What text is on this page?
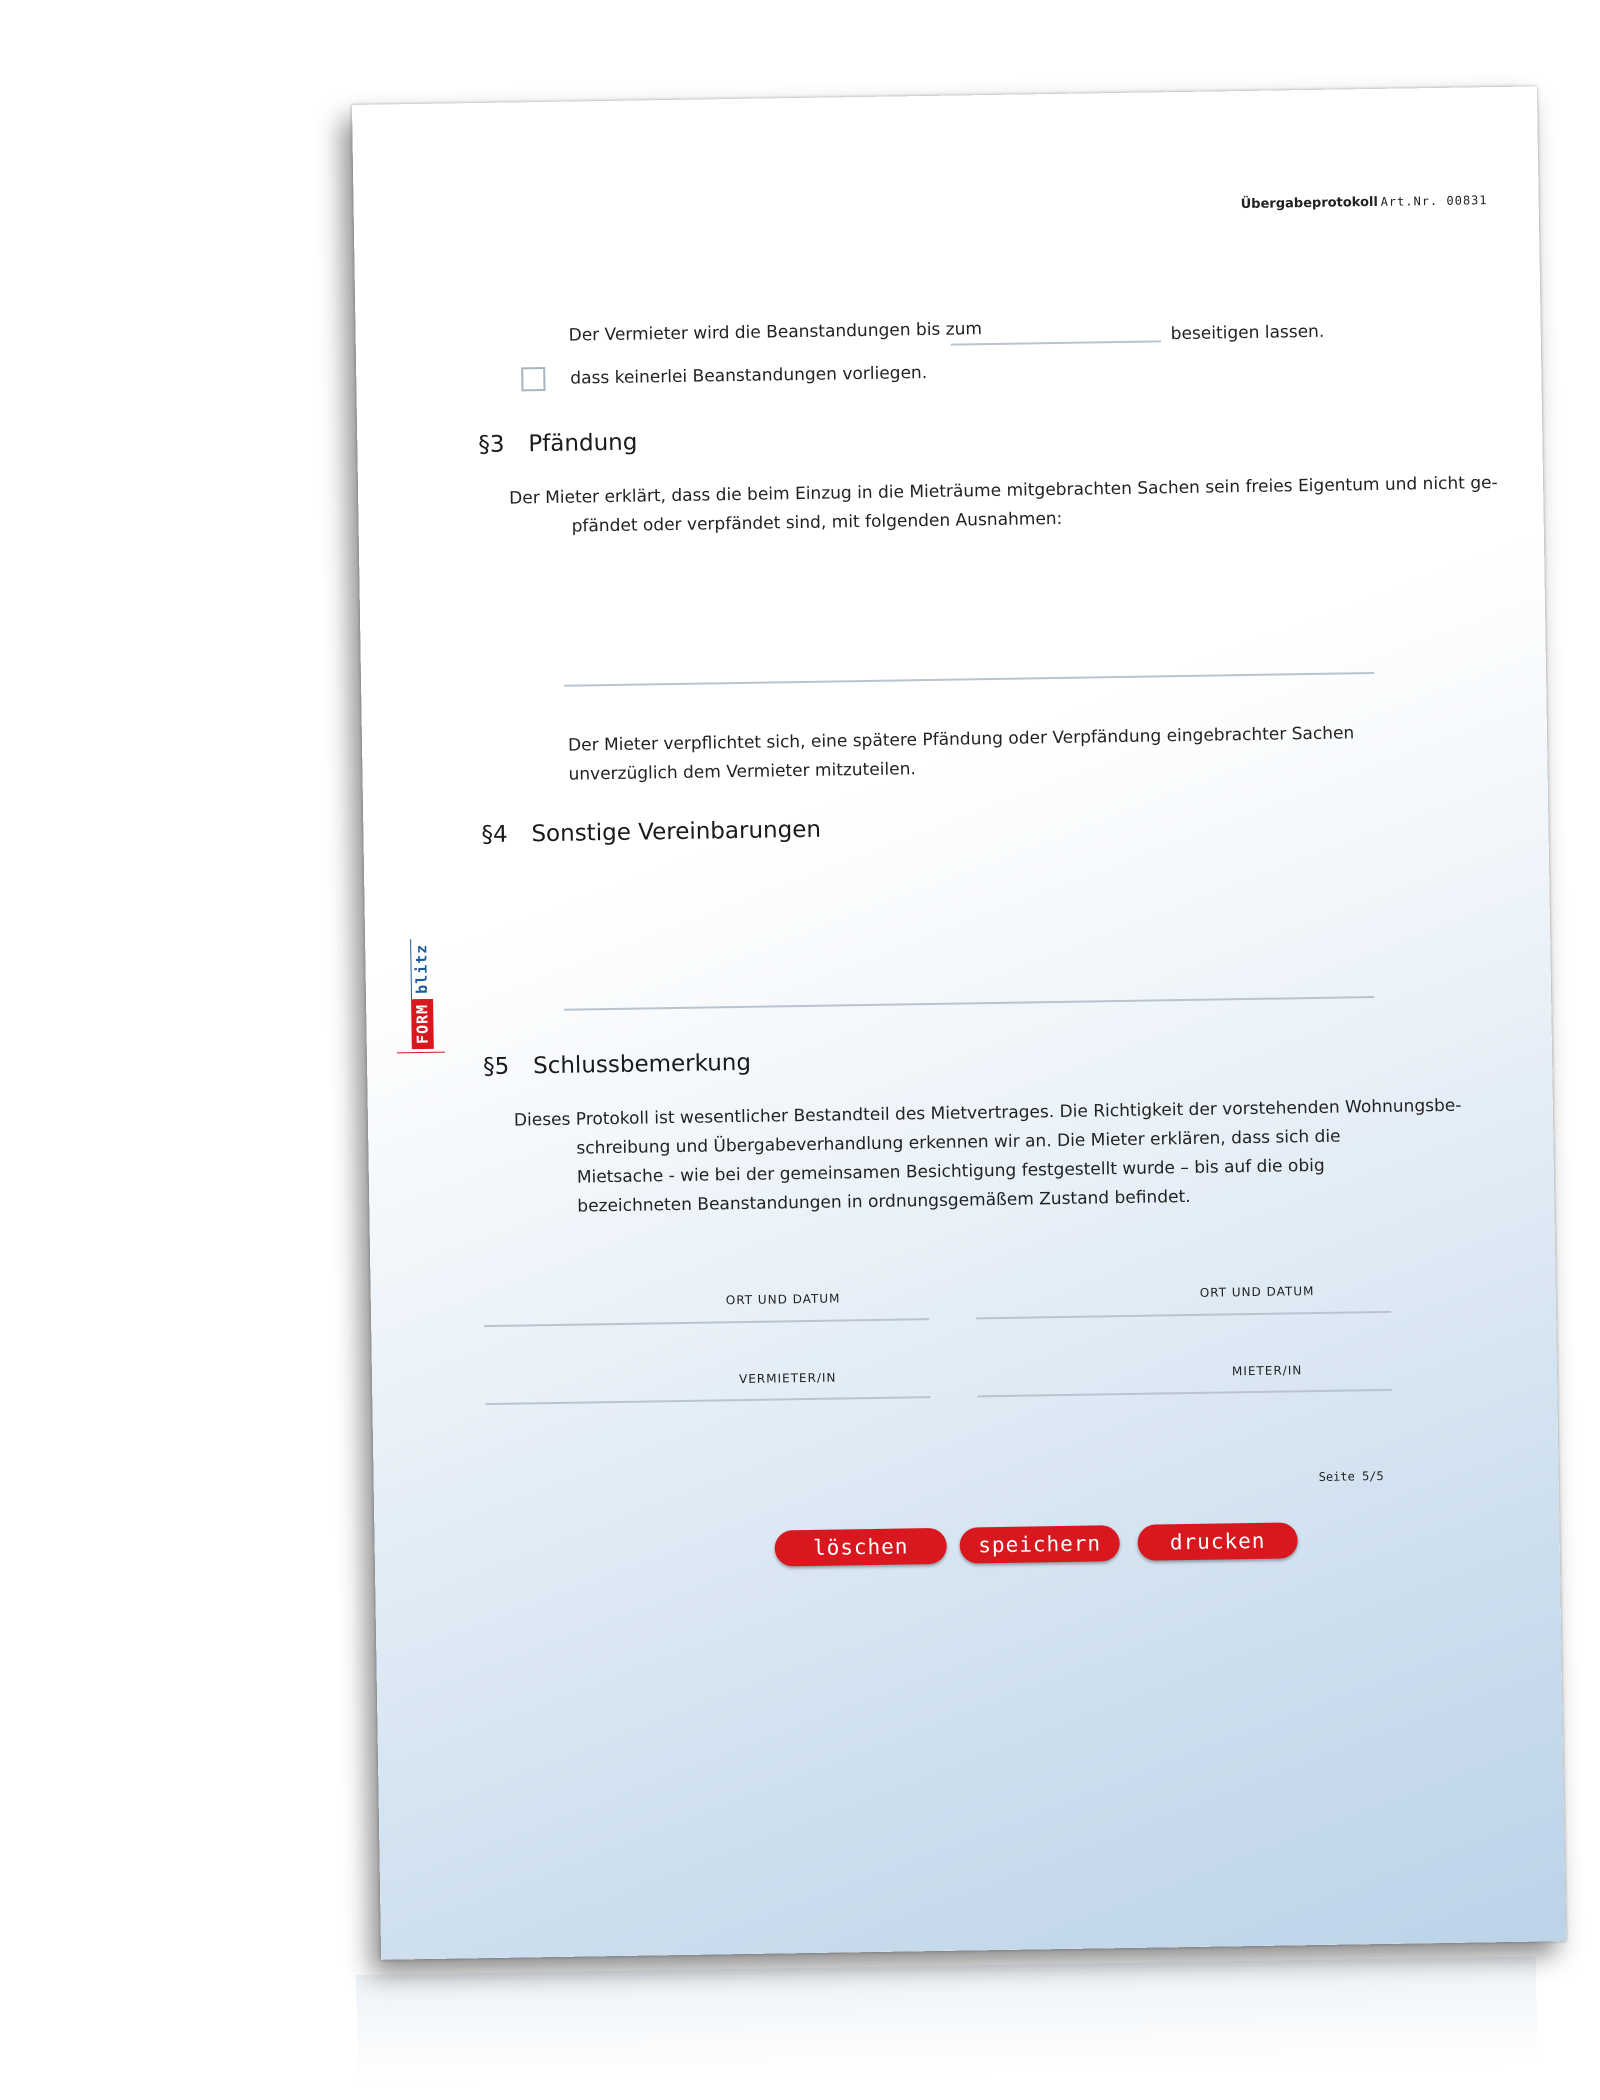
Übergabeprotokoll Art.Nr. 00831
Der Vermieter wird die Beanstandungen bis zum	beseitigen lassen.
dass keinerlei Beanstandungen vorliegen.
§3 Pfändung
Der Mieter erklärt, dass die beim Einzug in die Mieträume mitgebrachten Sachen sein freies Eigentum und nicht ge-
pfändet oder verpfändet sind, mit folgenden Ausnahmen:
Der Mieter verpflichtet sich, eine spätere Pfändung oder Verpfändung eingebrachter Sachen unverzüglich dem Vermieter mitzuteilen.
§4 Sonstige Vereinbarungen
§5 Schlussbemerkung
Dieses Protokoll ist wesentlicher Bestandteil des Mietvertrages. Die Richtigkeit der vorstehenden Wohnungsbe-
schreibung und Übergabeverhandlung erkennen wir an. Die Mieter erklären, dass sich die Mietsache - wie bei der gemeinsamen Besichtigung festgestellt wurde – bis auf die obig bezeichneten Beanstandungen in ordnungsgemäßem Zustand befindet.
ORT UND DATUM	ORT UND DATUM
VERMIETER/IN	MIETER/IN
Seite 5/5
löschen	speichern	drucken
FORM
blitz
